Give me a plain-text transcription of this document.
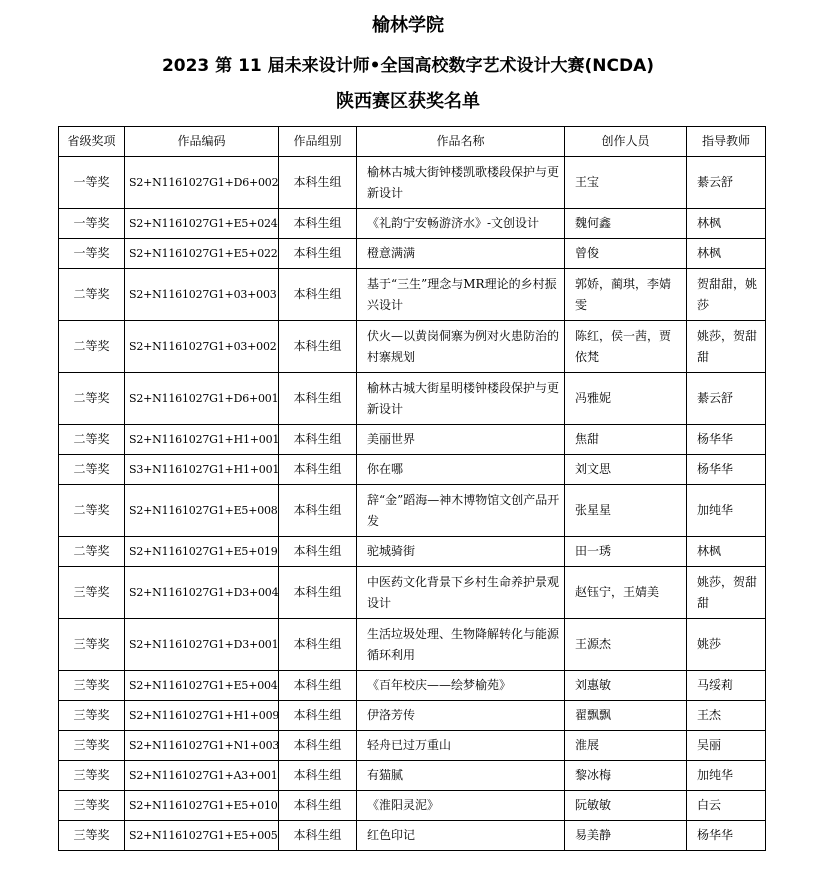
榆林学院
2023 第 11 届未来设计师•全国高校数字艺术设计大赛(NCDA)
陕西赛区获奖名单
省级奖项	作品编码	作品组别	作品名称	创作人员	指导教师
一等奖	S2+N1161027G1+D6+002	本科生组	榆林古城大街钟楼凯歌楼段保护与更新设计	王宝	綦云舒
一等奖	S2+N1161027G1+E5+024	本科生组	《礼韵宁安畅游济水》-文创设计	魏何鑫	林枫
一等奖	S2+N1161027G1+E5+022	本科生组	橙意满满	曾俊	林枫
二等奖	S2+N1161027G1+03+003	本科生组	基于“三生”理念与MR理论的乡村振兴设计	郭娇，蔺琪，李婧雯	贺甜甜，姚莎
二等奖	S2+N1161027G1+03+002	本科生组	伏火—以黄岗侗寨为例对火患防治的村寨规划	陈红，侯一茜，贾依梵	姚莎，贺甜甜
二等奖	S2+N1161027G1+D6+001	本科生组	榆林古城大街星明楼钟楼段保护与更新设计	冯雅妮	綦云舒
二等奖	S2+N1161027G1+H1+001	本科生组	美丽世界	焦甜	杨华华
二等奖	S3+N1161027G1+H1+001	本科生组	你在哪	刘文思	杨华华
二等奖	S2+N1161027G1+E5+008	本科生组	辞“金”蹈海—神木博物馆文创产品开发	张星星	加纯华
二等奖	S2+N1161027G1+E5+019	本科生组	驼城骑街	田一琇	林枫
三等奖	S2+N1161027G1+D3+004	本科生组	中医药文化背景下乡村生命养护景观设计	赵钰宁，王婧美	姚莎，贺甜甜
三等奖	S2+N1161027G1+D3+001	本科生组	生活垃圾处理、生物降解转化与能源循环利用	王源杰	姚莎
三等奖	S2+N1161027G1+E5+004	本科生组	《百年校庆——绘梦榆苑》	刘惠敏	马绥莉
三等奖	S2+N1161027G1+H1+009	本科生组	伊洛芳传	翟飘飘	王杰
三等奖	S2+N1161027G1+N1+003	本科生组	轻舟已过万重山	淮展	吴丽
三等奖	S2+N1161027G1+A3+001	本科生组	有猫腻	黎冰梅	加纯华
三等奖	S2+N1161027G1+E5+010	本科生组	《淮阳灵泥》	阮敏敏	白云
三等奖	S2+N1161027G1+E5+005	本科生组	红色印记	易美静	杨华华
